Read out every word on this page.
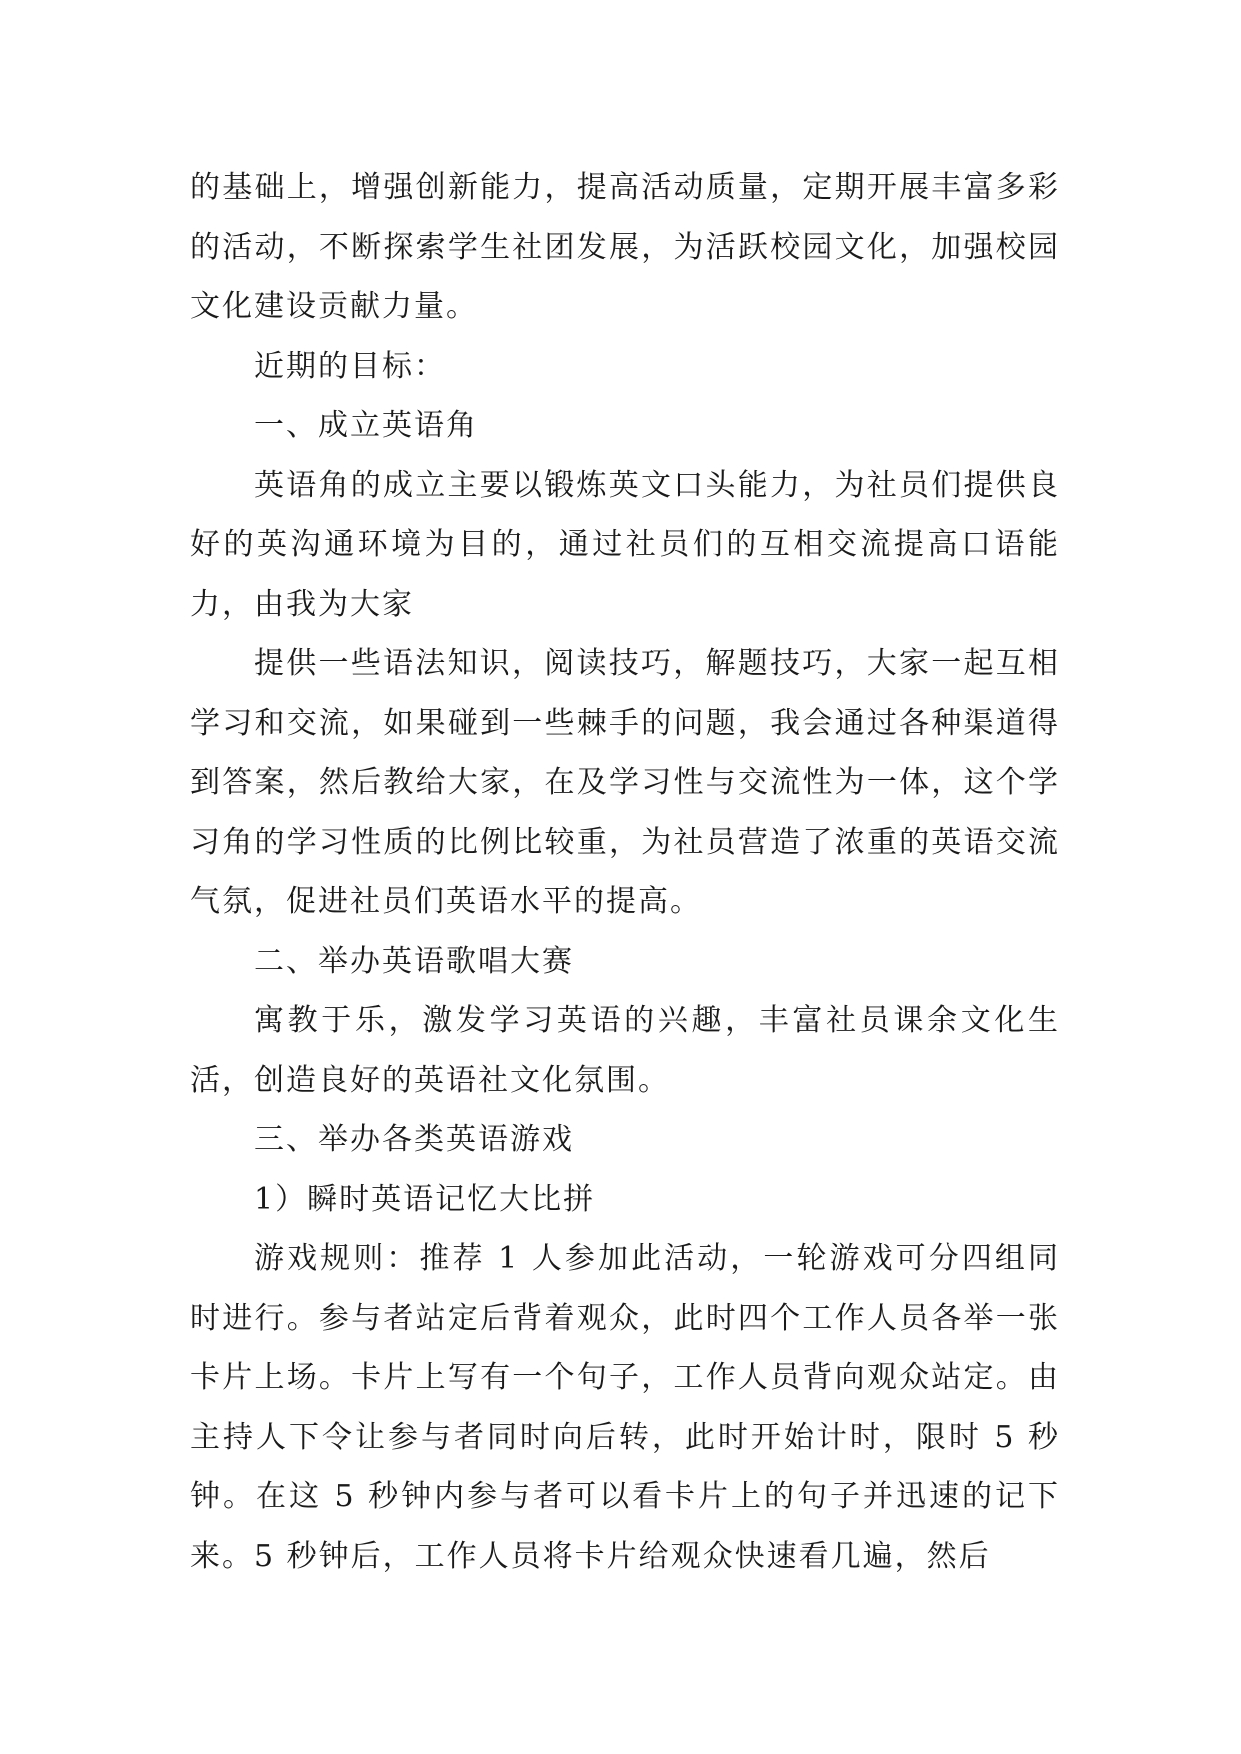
的基础上，增强创新能力，提高活动质量，定期开展丰富多彩的活动，不断探索学生社团发展，为活跃校园文化，加强校园文化建设贡献力量。

近期的目标：

一、成立英语角

英语角的成立主要以锻炼英文口头能力，为社员们提供良好的英沟通环境为目的，通过社员们的互相交流提高口语能力，由我为大家

提供一些语法知识，阅读技巧，解题技巧，大家一起互相学习和交流，如果碰到一些棘手的问题，我会通过各种渠道得到答案，然后教给大家，在及学习性与交流性为一体，这个学习角的学习性质的比例比较重，为社员营造了浓重的英语交流气氛，促进社员们英语水平的提高。

二、举办英语歌唱大赛

寓教于乐，激发学习英语的兴趣，丰富社员课余文化生活，创造良好的英语社文化氛围。

三、举办各类英语游戏

1）瞬时英语记忆大比拼

游戏规则：推荐 1 人参加此活动，一轮游戏可分四组同时进行。参与者站定后背着观众，此时四个工作人员各举一张卡片上场。卡片上写有一个句子，工作人员背向观众站定。由主持人下令让参与者同时向后转，此时开始计时，限时 5 秒钟。在这 5 秒钟内参与者可以看卡片上的句子并迅速的记下来。5 秒钟后，工作人员将卡片给观众快速看几遍，然后
